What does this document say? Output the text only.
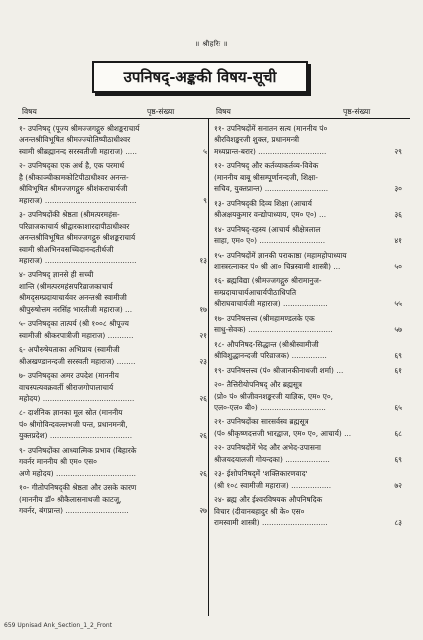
॥ श्रीहरिः ॥
उपनिषद्-अङ्ककी विषय-सूची
विषय	पृष्ठ-संख्या	विषय	पृष्ठ-संख्या
१- उपनिषद् (पूज्य श्रीमज्जगद्गुरु श्रीशङ्कराचार्य
अनन्तश्रीविभूषित श्रीमज्ज्योतिष्पीठाधीश्वर
स्वामी श्रीब्रह्मानन्द सरस्वतीजी महाराज) .....	५
२- उपनिषद्‌का एक अर्थ है, एक परमार्थ
है (श्रीकाञ्चीकामकोटिपीठाधीश्वर अनन्त-
श्रीविभूषित श्रीमज्जगद्गुरु श्रीशंकराचार्यजी
महाराज) .......................................	९
३- उपनिषदोंकी श्रेष्ठता (श्रीमत्परमहंस-
परिव्राजकाचार्य श्रीद्वारकाशारदापीठाधीश्वर
अनन्तश्रीविभूषित श्रीमज्जगद्गुरु श्रीशङ्कराचार्य
स्वामी श्रीअभिनवसच्चिदानन्दतीर्थजी
महाराज) .......................................	१३
४- उपनिषद् ज्ञानसे ही सच्ची
शान्ति (श्रीमत्परमहंसपरिव्राजकाचार्य
श्रीमद्‌सम्प्रदायाचार्यवर अनन्तश्री स्वामीजी
श्रीपुरुषोत्तम नरसिंह भारतीजी महाराज) ...	१७
५- उपनिषद्‌का तात्पर्य (श्री १००८ श्रीपूज्य
स्वामीजी श्रीकरपात्रीजी महाराज) ...........	२१
६- अपौरुषेयताका अभिप्राय (स्वामीजी
श्रीअखण्डानन्दजी सरस्वती महाराज) ........	२३
७- उपनिषद्‌का अमर उपदेश (माननीय
वाचस्पत्यवक्रवर्ती श्रीराजगोपालाचार्य
महोदय) .......................................	२६
८- दार्शनिक ज्ञानका मूल स्रोत (माननीय
पं० श्रीगोविन्दवल्लभजी पन्त, प्रधानमन्त्री,
युक्तप्रदेश) ...................................	२६
९- उपनिषदोंका आध्यात्मिक प्रभाव (बिहारके
गवर्नर माननीय श्री एम० एस०
अणे महोदय) ..................................	२६
१०- गीतोपनिषद्‌की श्रेष्ठता और उसके कारण
(माननीय डॉ० श्रीकैलासनाथजी काटजू,
गवर्नर, बंगप्रान्त) ...........................	२७
११- उपनिषदोंमें सनातन सत्य (माननीय पं०
श्रीरविशङ्करजी शुक्ल, प्रधानमन्त्री
मध्यप्रान्त-बरार) .............................	२९
१२- उपनिषद् और कर्तव्याकर्तव्य-विवेक
(माननीय बाबू श्रीसम्पूर्णानन्दजी, शिक्षा-
सचिव, युक्तप्रान्त) ...........................	३०
१३- उपनिषद्‌की दिव्य शिक्षा (आचार्य
श्रीअक्षयकुमार वन्द्योपाध्याय, एम० ए०) ...	३६
१४- उपनिषद्-रहस्य (आचार्य श्रीक्षेत्रलाल
साहा, एम० ए०) ............................	४१
१५- उपनिषदोंमें ज्ञानकी पराकाष्ठा (महामहोपाध्याय
शास्त्ररत्नाकर पं० श्री आ० चिन्नस्वामी शास्त्री) ...	५०
१६- ब्रह्मविद्या (श्रीमज्जगद्गुरु श्रीरामानुज-
सम्प्रदायाचार्यआचार्यपीठाधिपति
श्रीराघवाचार्यजी महाराज) ...................	५५
१७- उपनिषत्तत्त्व (श्रीमहामण्डलके एक
साधु-सेवक) ....................................	५७
१८- औपनिषद-सिद्धान्त (श्रीश्रीस्वामीजी
श्रीविशुद्धानन्दजी परिव्राजक) ...............	६९
१९- उपनिषत्तत्त्व (पं० श्रीजानकीनाथजी शर्मा) ...	६१
२०- तैत्तिरीयोपनिषद् और ब्रह्मसूत्र
(प्रो० पं० श्रीजीवनशङ्करजी याज्ञिक, एम० ए०,
एल०-एल० बी०) ............................	६५
२१- उपनिषदोंका सारसर्वस्व ब्रह्मसूत्र
(पं० श्रीकृष्णदत्तजी भारद्वाज, एम० ए०, आचार्य) ...	६८
२२- उपनिषदोंमें भेद और अभेद-उपासना
श्रीजयदयालजी गोयन्दका) ...................	६९
२३- ईशोपनिषद्‌में 'शक्तिकारणवाद'
(श्री १०८ स्वामीजी महाराज) .................	७२
२४- ब्रह्म और ईश्वरविषयक औपनिषदिक
विचार (दीवानबहादुर श्री के० एस०
रामस्वामी शास्त्री) ............................	८३
659 Upnisad Ank_Section_1_2_Front
